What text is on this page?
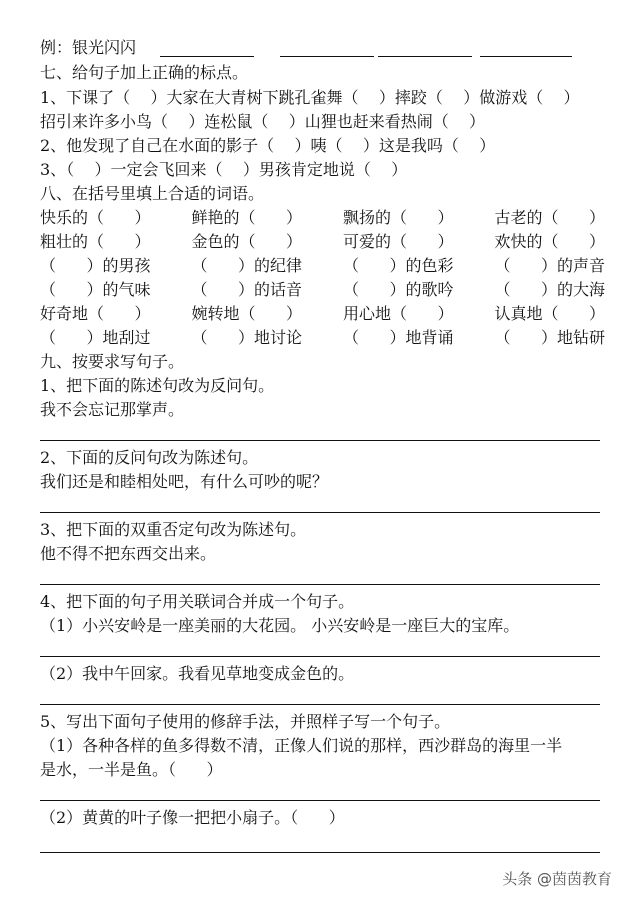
例：银光闪闪
七、给句子加上正确的标点。
1、下课了（    ）大家在大青树下跳孔雀舞（    ）摔跤（    ）做游戏（    ）
招引来许多小鸟（    ）连松鼠（    ）山狸也赶来看热闹（    ）
2、他发现了自己在水面的影子（    ）咦（    ）这是我吗（    ）
3、（    ）一定会飞回来（    ）男孩肯定地说（    ）
八、在括号里填上合适的词语。
快乐的（      ）	鲜艳的（      ）	飘扬的（      ）	古老的（      ）
粗壮的（      ）	金色的（      ）	可爱的（      ）	欢快的（      ）
（      ）的男孩	（      ）的纪律	（      ）的色彩	（      ）的声音
（      ）的气味	（      ）的话音	（      ）的歌吟	（      ）的大海
好奇地（      ）	婉转地（      ）	用心地（      ）	认真地（      ）
（      ）地刮过	（      ）地讨论	（      ）地背诵	（      ）地钻研
九、按要求写句子。
1、把下面的陈述句改为反问句。
我不会忘记那掌声。
2、下面的反问句改为陈述句。
我们还是和睦相处吧，有什么可吵的呢？
3、把下面的双重否定句改为陈述句。
他不得不把东西交出来。
4、把下面的句子用关联词合并成一个句子。
（1）小兴安岭是一座美丽的大花园。 小兴安岭是一座巨大的宝库。
（2）我中午回家。我看见草地变成金色的。
5、写出下面句子使用的修辞手法，并照样子写一个句子。
（1）各种各样的鱼多得数不清，正像人们说的那样，西沙群岛的海里一半
是水，一半是鱼。（      ）
（2）黄黄的叶子像一把把小扇子。（      ）
头条 @茵茵教育
